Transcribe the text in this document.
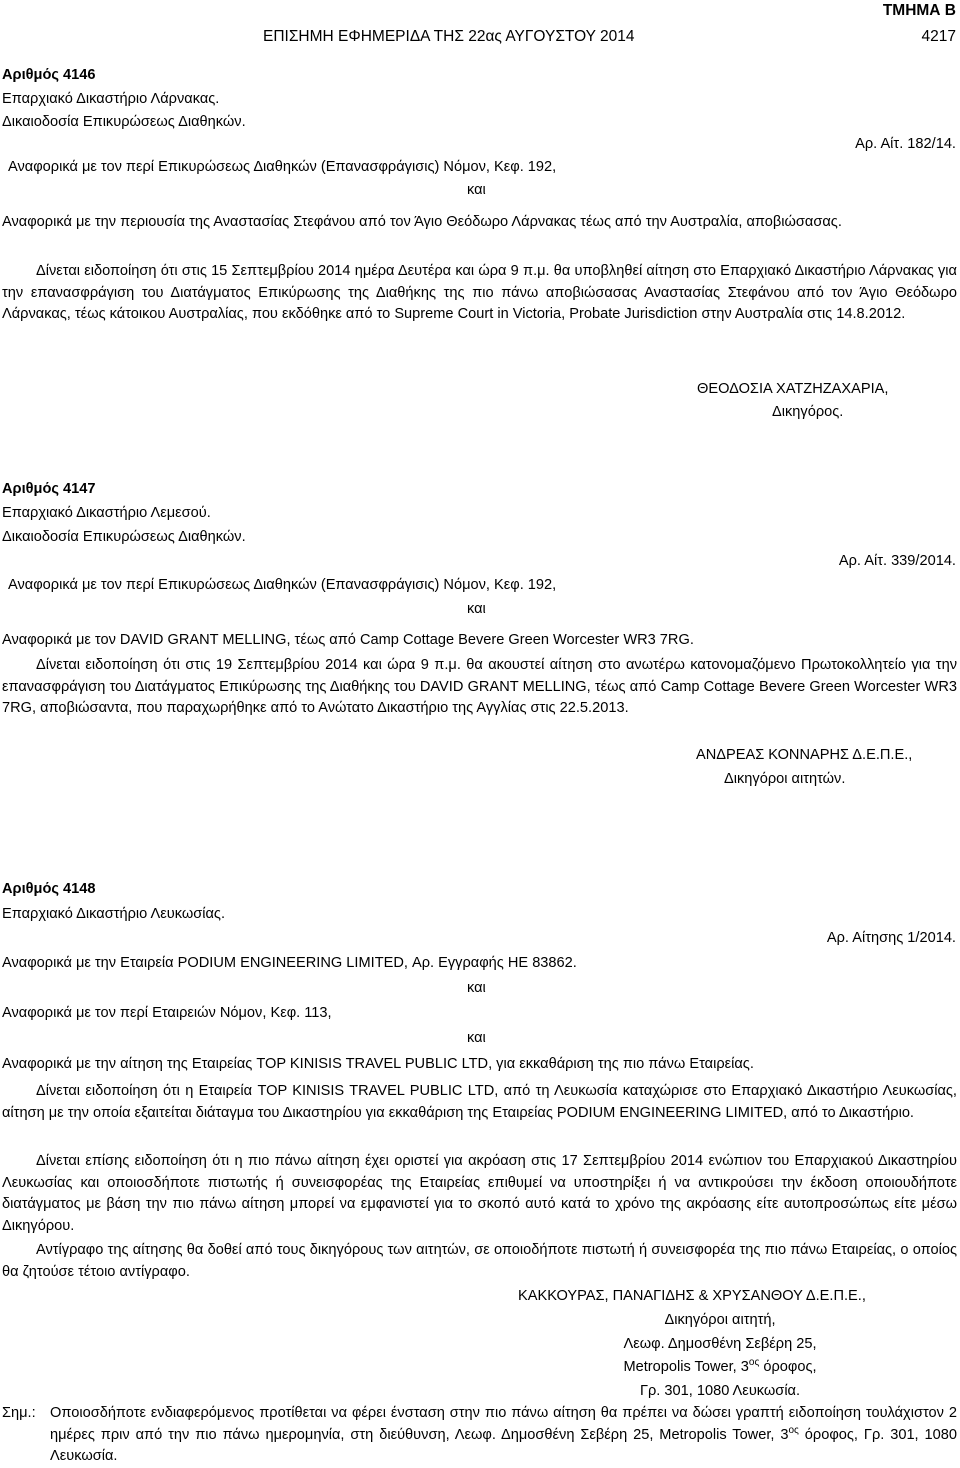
ΤΜΗΜΑ Β
ΕΠΙΣΗΜΗ ΕΦΗΜΕΡΙΔΑ ΤΗΣ 22ας ΑΥΓΟΥΣΤΟΥ 2014	4217
Αριθμός 4146
Επαρχιακό Δικαστήριο Λάρνακας.
Δικαιοδοσία Επικυρώσεως Διαθηκών.
Αρ. Αίτ. 182/14.
Αναφορικά με τον περί Επικυρώσεως Διαθηκών (Επανασφράγισις) Νόμον, Κεφ. 192,
και
Αναφορικά με την περιουσία της Αναστασίας Στεφάνου από τον Άγιο Θεόδωρο Λάρνακας τέως από την Αυστραλία, αποβιώσασας.
Δίνεται ειδοποίηση ότι στις 15 Σεπτεμβρίου 2014 ημέρα Δευτέρα και ώρα 9 π.μ. θα υποβληθεί αίτηση στο Επαρχιακό Δικαστήριο Λάρνακας για την επανασφράγιση του Διατάγματος Επικύρωσης της Διαθήκης της πιο πάνω αποβιώσασας Αναστασίας Στεφάνου από τον Άγιο Θεόδωρο Λάρνακας, τέως κάτοικου Αυστραλίας, που εκδόθηκε από το Supreme Court in Victoria, Probate Jurisdiction στην Αυστραλία στις 14.8.2012.
ΘΕΟΔΟΣΙΑ ΧΑΤΖΗΖΑΧΑΡΙΑ,
Δικηγόρος.
Αριθμός 4147
Επαρχιακό Δικαστήριο Λεμεσού.
Δικαιοδοσία Επικυρώσεως Διαθηκών.
Αρ. Αίτ. 339/2014.
Αναφορικά με τον περί Επικυρώσεως Διαθηκών (Επανασφράγισις) Νόμον, Κεφ. 192,
και
Αναφορικά με τον DAVID GRANT MELLING, τέως από Camp Cottage Bevere Green Worcester WR3 7RG.
Δίνεται ειδοποίηση ότι στις 19 Σεπτεμβρίου 2014 και ώρα 9 π.μ. θα ακουστεί αίτηση στο ανωτέρω κατονομαζόμενο Πρωτοκολλητείο για την επανασφράγιση του Διατάγματος Επικύρωσης της Διαθήκης του DAVID GRANT MELLING, τέως από Camp Cottage Bevere Green Worcester WR3 7RG, αποβιώσαντα, που παραχωρήθηκε από το Ανώτατο Δικαστήριο της Αγγλίας στις 22.5.2013.
ΑΝΔΡΕΑΣ ΚΟΝΝΑΡΗΣ Δ.Ε.Π.Ε.,
Δικηγόροι αιτητών.
Αριθμός 4148
Επαρχιακό Δικαστήριο Λευκωσίας.
Αρ. Αίτησης 1/2014.
Αναφορικά με την Εταιρεία PODIUM ENGINEERING LIMITED, Αρ. Εγγραφής ΗΕ 83862.
και
Αναφορικά με τον περί Εταιρειών Νόμον, Κεφ. 113,
και
Αναφορικά με την αίτηση της Εταιρείας TOP KINISIS TRAVEL PUBLIC LTD, για εκκαθάριση της πιο πάνω Εταιρείας.
Δίνεται ειδοποίηση ότι η Εταιρεία TOP KINISIS TRAVEL PUBLIC LTD, από τη Λευκωσία καταχώρισε στο Επαρχιακό Δικαστήριο Λευκωσίας, αίτηση με την οποία εξαιτείται διάταγμα του Δικαστηρίου για εκκαθάριση της Εταιρείας PODIUM ENGINEERING LIMITED, από το Δικαστήριο.
Δίνεται επίσης ειδοποίηση ότι η πιο πάνω αίτηση έχει οριστεί για ακρόαση στις 17 Σεπτεμβρίου 2014 ενώπιον του Επαρχιακού Δικαστηρίου Λευκωσίας και οποιοσδήποτε πιστωτής ή συνεισφορέας της Εταιρείας επιθυμεί να υποστηρίξει ή να αντικρούσει την έκδοση οποιουδήποτε διατάγματος με βάση την πιο πάνω αίτηση μπορεί να εμφανιστεί για το σκοπό αυτό κατά το χρόνο της ακρόασης είτε αυτοπροσώπως είτε μέσω Δικηγόρου.
Αντίγραφο της αίτησης θα δοθεί από τους δικηγόρους των αιτητών, σε οποιοδήποτε πιστωτή ή συνεισφορέα της πιο πάνω Εταιρείας, ο οποίος θα ζητούσε τέτοιο αντίγραφο.
ΚΑΚΚΟΥΡΑΣ, ΠΑΝΑΓΙΔΗΣ & ΧΡΥΣΑΝΘΟΥ Δ.Ε.Π.Ε.,
Δικηγόροι αιτητή,
Λεωφ. Δημοσθένη Σεβέρη 25,
Metropolis Tower, $3^{o\varsigma}$ όροφος,
Γρ. 301, 1080 Λευκωσία.
Σημ.: Οποιοσδήποτε ενδιαφερόμενος προτίθεται να φέρει ένσταση στην πιο πάνω αίτηση θα πρέπει να δώσει γραπτή ειδοποίηση τουλάχιστον 2 ημέρες πριν από την πιο πάνω ημερομηνία, στη διεύθυνση, Λεωφ. Δημοσθένη Σεβέρη 25, Metropolis Tower, $3^{o\varsigma}$ όροφος, Γρ. 301, 1080 Λευκωσία.
